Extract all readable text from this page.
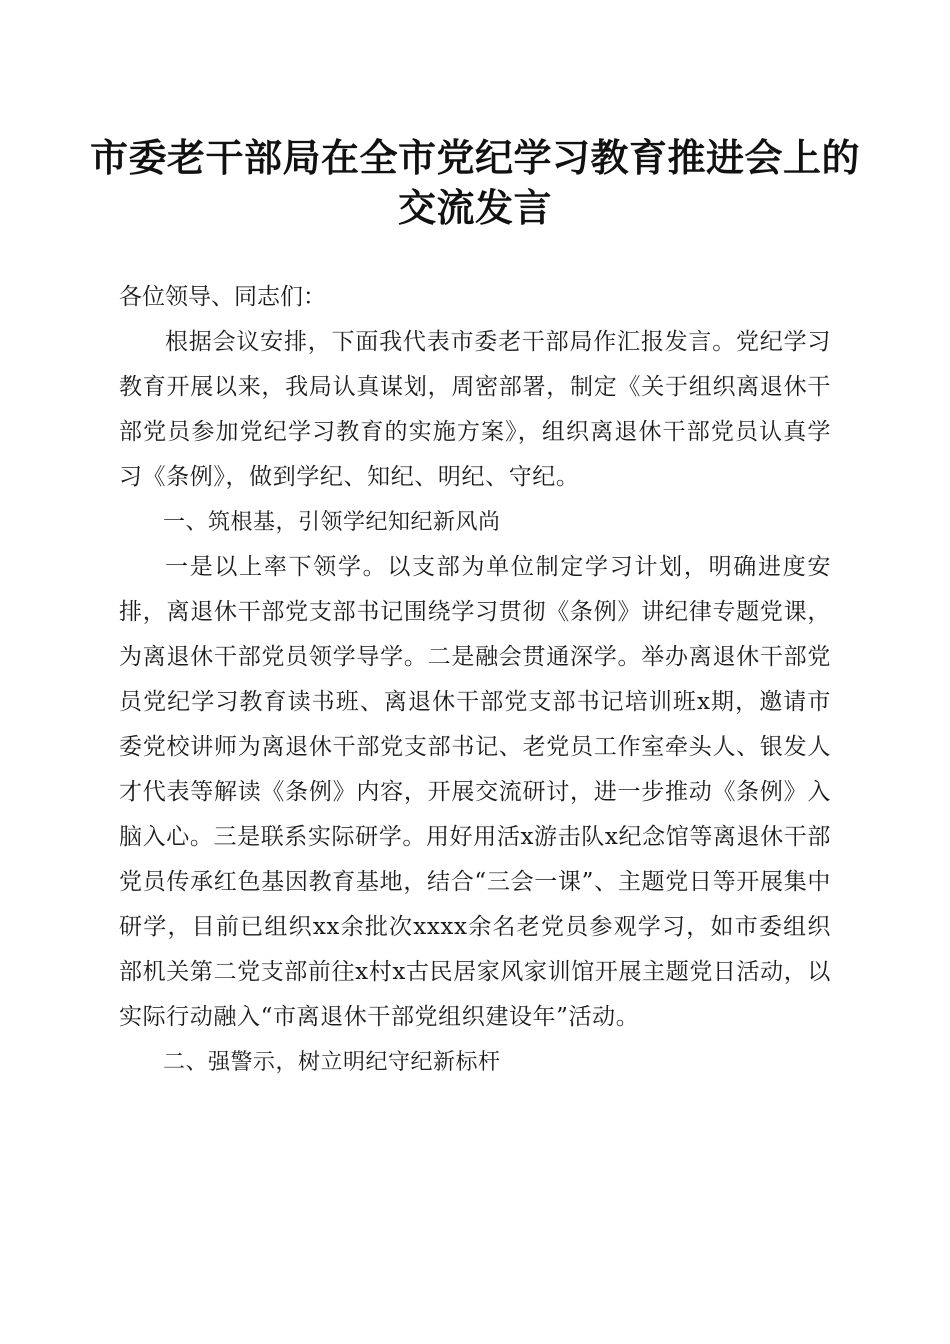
市委老干部局在全市党纪学习教育推进会上的
交流发言

各位领导、同志们：

根据会议安排，下面我代表市委老干部局作汇报发言。党纪学习教育开展以来，我局认真谋划，周密部署，制定《关于组织离退休干部党员参加党纪学习教育的实施方案》，组织离退休干部党员认真学习《条例》，做到学纪、知纪、明纪、守纪。

一、筑根基，引领学纪知纪新风尚

一是以上率下领学。以支部为单位制定学习计划，明确进度安排，离退休干部党支部书记围绕学习贯彻《条例》讲纪律专题党课，为离退休干部党员领学导学。二是融会贯通深学。举办离退休干部党员党纪学习教育读书班、离退休干部党支部书记培训班x期，邀请市委党校讲师为离退休干部党支部书记、老党员工作室牵头人、银发人才代表等解读《条例》内容，开展交流研讨，进一步推动《条例》入脑入心。三是联系实际研学。用好用活x游击队x纪念馆等离退休干部党员传承红色基因教育基地，结合“三会一课”、主题党日等开展集中研学，目前已组织xx余批次xxxx余名老党员参观学习，如市委组织部机关第二党支部前往x村x古民居家风家训馆开展主题党日活动，以实际行动融入“市离退休干部党组织建设年”活动。

二、强警示，树立明纪守纪新标杆
